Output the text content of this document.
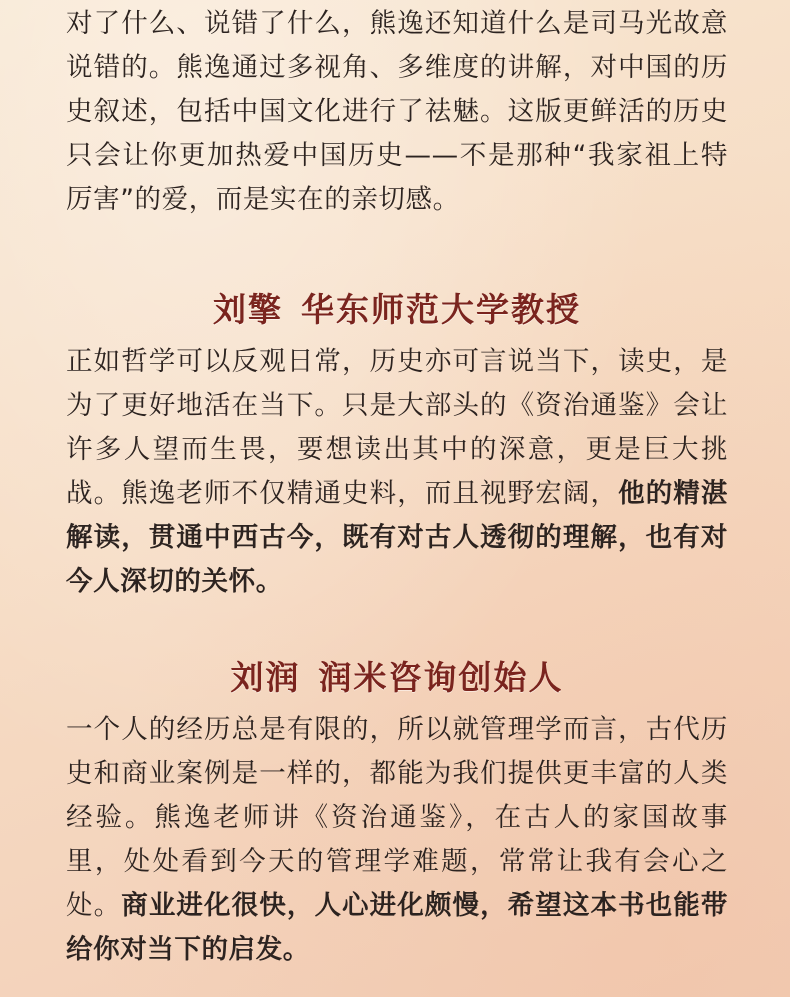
对了什么、说错了什么，熊逸还知道什么是司马光故意说错的。熊逸通过多视角、多维度的讲解，对中国的历史叙述，包括中国文化进行了祛魅。这版更鲜活的历史只会让你更加热爱中国历史——不是那种“我家祖上特厉害”的爱，而是实在的亲切感。

刘擎 华东师范大学教授

正如哲学可以反观日常，历史亦可言说当下，读史，是为了更好地活在当下。只是大部头的《资治通鉴》会让许多人望而生畏，要想读出其中的深意，更是巨大挑战。熊逸老师不仅精通史料，而且视野宏阔，他的精湛解读，贯通中西古今，既有对古人透彻的理解，也有对今人深切的关怀。

刘润 润米咨询创始人

一个人的经历总是有限的，所以就管理学而言，古代历史和商业案例是一样的，都能为我们提供更丰富的人类经验。熊逸老师讲《资治通鉴》，在古人的家国故事里，处处看到今天的管理学难题，常常让我有会心之处。商业进化很快，人心进化颇慢，希望这本书也能带给你对当下的启发。
